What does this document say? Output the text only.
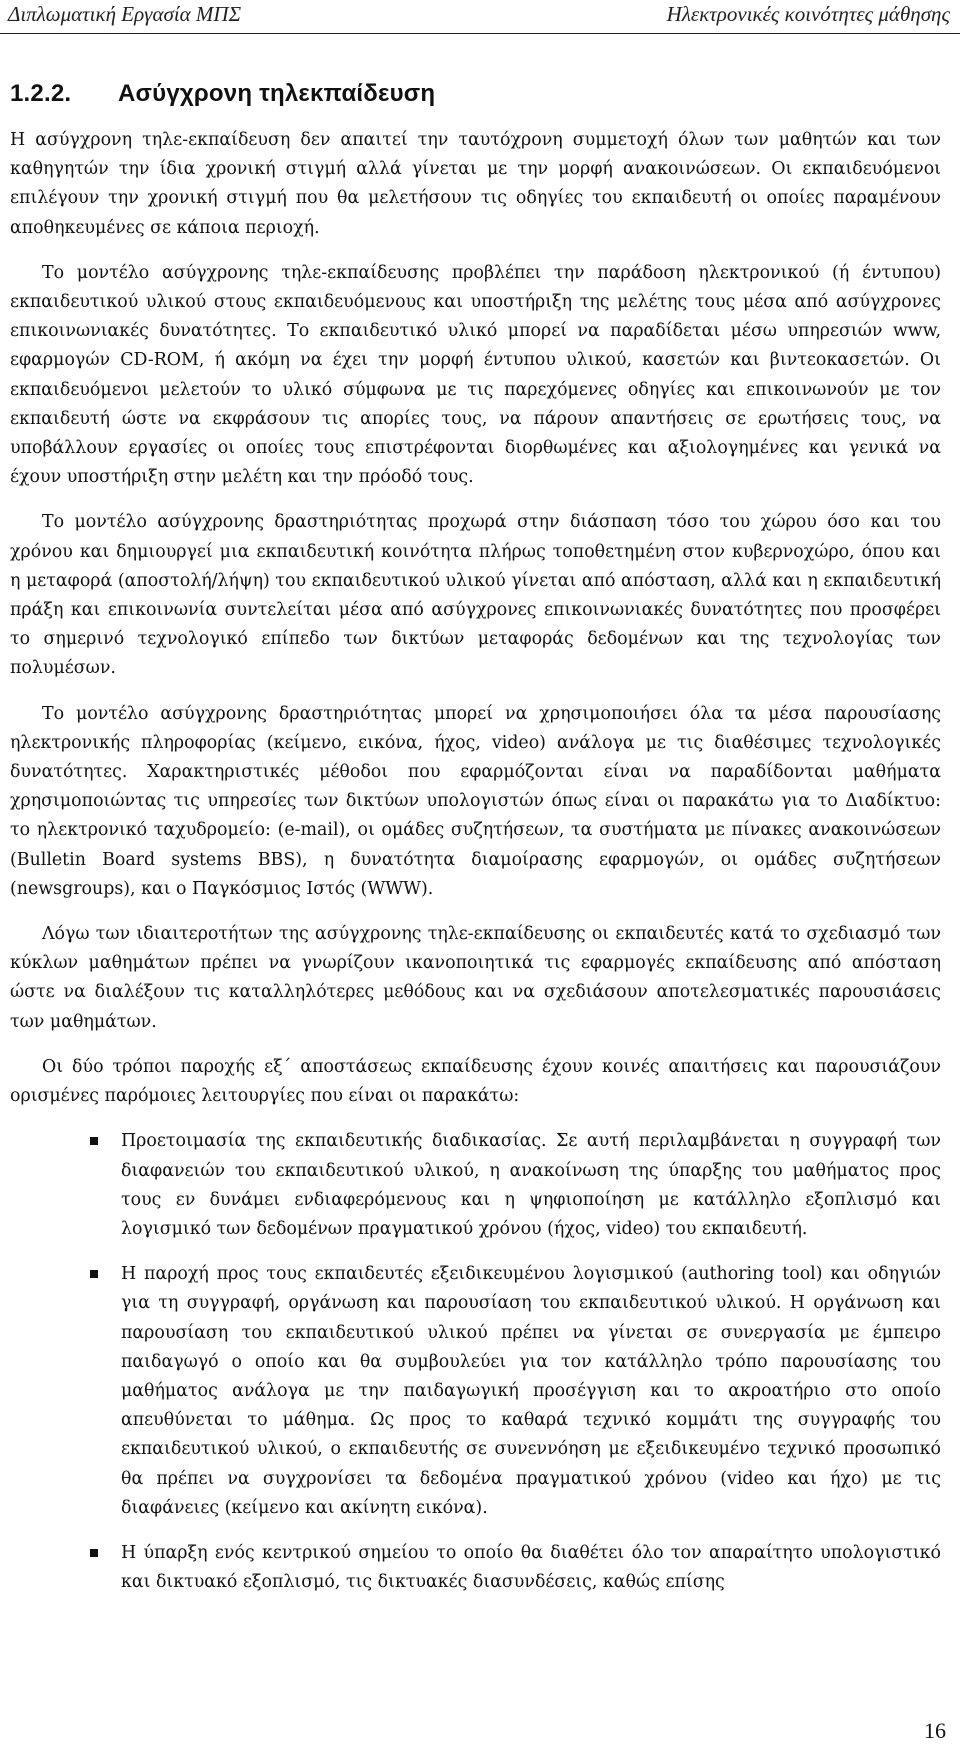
Διπλωματική Εργασία ΜΠΣ	Ηλεκτρονικές κοινότητες μάθησης
1.2.2. Ασύγχρονη τηλεκπαίδευση

Η ασύγχρονη τηλε-εκπαίδευση δεν απαιτεί την ταυτόχρονη συμμετοχή όλων των μαθητών και των καθηγητών την ίδια χρονική στιγμή αλλά γίνεται με την μορφή ανακοινώσεων. Οι εκπαιδευόμενοι επιλέγουν την χρονική στιγμή που θα μελετήσουν τις οδηγίες του εκπαιδευτή οι οποίες παραμένουν αποθηκευμένες σε κάποια περιοχή.

Το μοντέλο ασύγχρονης τηλε-εκπαίδευσης προβλέπει την παράδοση ηλεκτρονικού (ή έντυπου) εκπαιδευτικού υλικού στους εκπαιδευόμενους και υποστήριξη της μελέτης τους μέσα από ασύγχρονες επικοινωνιακές δυνατότητες. Το εκπαιδευτικό υλικό μπορεί να παραδίδεται μέσω υπηρεσιών www, εφαρμογών CD-ROM, ή ακόμη να έχει την μορφή έντυπου υλικού, κασετών και βιντεοκασετών. Οι εκπαιδευόμενοι μελετούν το υλικό σύμφωνα με τις παρεχόμενες οδηγίες και επικοινωνούν με τον εκπαιδευτή ώστε να εκφράσουν τις απορίες τους, να πάρουν απαντήσεις σε ερωτήσεις τους, να υποβάλλουν εργασίες οι οποίες τους επιστρέφονται διορθωμένες και αξιολογημένες και γενικά να έχουν υποστήριξη στην μελέτη και την πρόοδό τους.

Το μοντέλο ασύγχρονης δραστηριότητας προχωρά στην διάσπαση τόσο του χώρου όσο και του χρόνου και δημιουργεί μια εκπαιδευτική κοινότητα πλήρως τοποθετημένη στον κυβερνοχώρο, όπου και η μεταφορά (αποστολή/λήψη) του εκπαιδευτικού υλικού γίνεται από απόσταση, αλλά και η εκπαιδευτική πράξη και επικοινωνία συντελείται μέσα από ασύγχρονες επικοινωνιακές δυνατότητες που προσφέρει το σημερινό τεχνολογικό επίπεδο των δικτύων μεταφοράς δεδομένων και της τεχνολογίας των πολυμέσων.

Το μοντέλο ασύγχρονης δραστηριότητας μπορεί να χρησιμοποιήσει όλα τα μέσα παρουσίασης ηλεκτρονικής πληροφορίας (κείμενο, εικόνα, ήχος, video) ανάλογα με τις διαθέσιμες τεχνολογικές δυνατότητες. Χαρακτηριστικές μέθοδοι που εφαρμόζονται είναι να παραδίδονται μαθήματα χρησιμοποιώντας τις υπηρεσίες των δικτύων υπολογιστών όπως είναι οι παρακάτω για το Διαδίκτυο: το ηλεκτρονικό ταχυδρομείο: (e-mail), οι ομάδες συζητήσεων, τα συστήματα με πίνακες ανακοινώσεων (Bulletin Board systems BBS), η δυνατότητα διαμοίρασης εφαρμογών, οι ομάδες συζητήσεων (newsgroups), και ο Παγκόσμιος Ιστός (WWW).

Λόγω των ιδιαιτεροτήτων της ασύγχρονης τηλε-εκπαίδευσης οι εκπαιδευτές κατά το σχεδιασμό των κύκλων μαθημάτων πρέπει να γνωρίζουν ικανοποιητικά τις εφαρμογές εκπαίδευσης από απόσταση ώστε να διαλέξουν τις καταλληλότερες μεθόδους και να σχεδιάσουν αποτελεσματικές παρουσιάσεις των μαθημάτων.

Οι δύο τρόποι παροχής εξ΄ αποστάσεως εκπαίδευσης έχουν κοινές απαιτήσεις και παρουσιάζουν ορισμένες παρόμοιες λειτουργίες που είναι οι παρακάτω:

Προετοιμασία της εκπαιδευτικής διαδικασίας. Σε αυτή περιλαμβάνεται η συγγραφή των διαφανειών του εκπαιδευτικού υλικού, η ανακοίνωση της ύπαρξης του μαθήματος προς τους εν δυνάμει ενδιαφερόμενους και η ψηφιοποίηση με κατάλληλο εξοπλισμό και λογισμικό των δεδομένων πραγματικού χρόνου (ήχος, video) του εκπαιδευτή.
Η παροχή προς τους εκπαιδευτές εξειδικευμένου λογισμικού (authoring tool) και οδηγιών για τη συγγραφή, οργάνωση και παρουσίαση του εκπαιδευτικού υλικού. Η οργάνωση και παρουσίαση του εκπαιδευτικού υλικού πρέπει να γίνεται σε συνεργασία με έμπειρο παιδαγωγό ο οποίο και θα συμβουλεύει για τον κατάλληλο τρόπο παρουσίασης του μαθήματος ανάλογα με την παιδαγωγική προσέγγιση και το ακροατήριο στο οποίο απευθύνεται το μάθημα. Ως προς το καθαρά τεχνικό κομμάτι της συγγραφής του εκπαιδευτικού υλικού, ο εκπαιδευτής σε συνεννόηση με εξειδικευμένο τεχνικό προσωπικό θα πρέπει να συγχρονίσει τα δεδομένα πραγματικού χρόνου (video και ήχο) με τις διαφάνειες (κείμενο και ακίνητη εικόνα).
Η ύπαρξη ενός κεντρικού σημείου το οποίο θα διαθέτει όλο τον απαραίτητο υπολογιστικό και δικτυακό εξοπλισμό, τις δικτυακές διασυνδέσεις, καθώς επίσης
16
